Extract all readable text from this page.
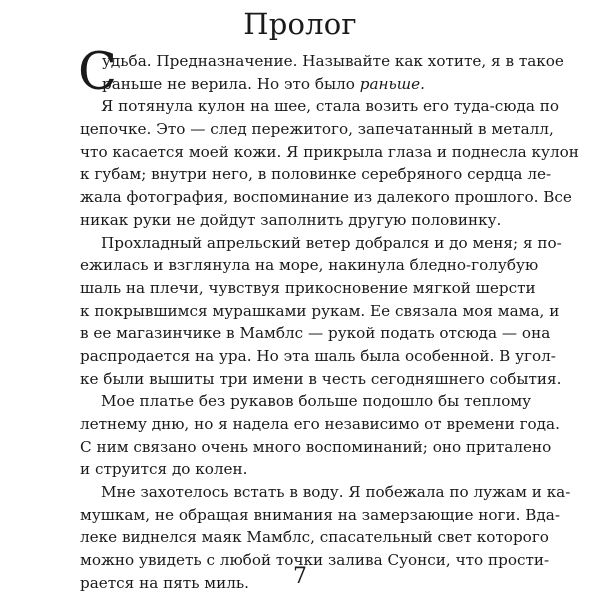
Пролог
С
удьба. Предназначение. Называйте как хотите, я в такое
раньше не верила. Но это было раньше.
Я потянула кулон на шее, стала возить его туда-сюда по
цепочке. Это — след пережитого, запечатанный в металл,
что касается моей кожи. Я прикрыла глаза и поднесла кулон
к губам; внутри него, в половинке серебряного сердца ле-
жала фотография, воспоминание из далекого прошлого. Все
никак руки не дойдут заполнить другую половинку.
Прохладный апрельский ветер добрался и до меня; я по-
ежилась и взглянула на море, накинула бледно-голубую
шаль на плечи, чувствуя прикосновение мягкой шерсти
к покрывшимся мурашками рукам. Ее связала моя мама, и
в ее магазинчике в Мамблс — рукой подать отсюда — она
распродается на ура. Но эта шаль была особенной. В угол-
ке были вышиты три имени в честь сегодняшнего события.
Мое платье без рукавов больше подошло бы теплому
летнему дню, но я надела его независимо от времени года.
С ним связано очень много воспоминаний; оно приталено
и струится до колен.
Мне захотелось встать в воду. Я побежала по лужам и ка-
мушкам, не обращая внимания на замерзающие ноги. Вда-
леке виднелся маяк Мамблс, спасательный свет которого
можно увидеть с любой точки залива Суонси, что прости-
рается на пять миль.	7
